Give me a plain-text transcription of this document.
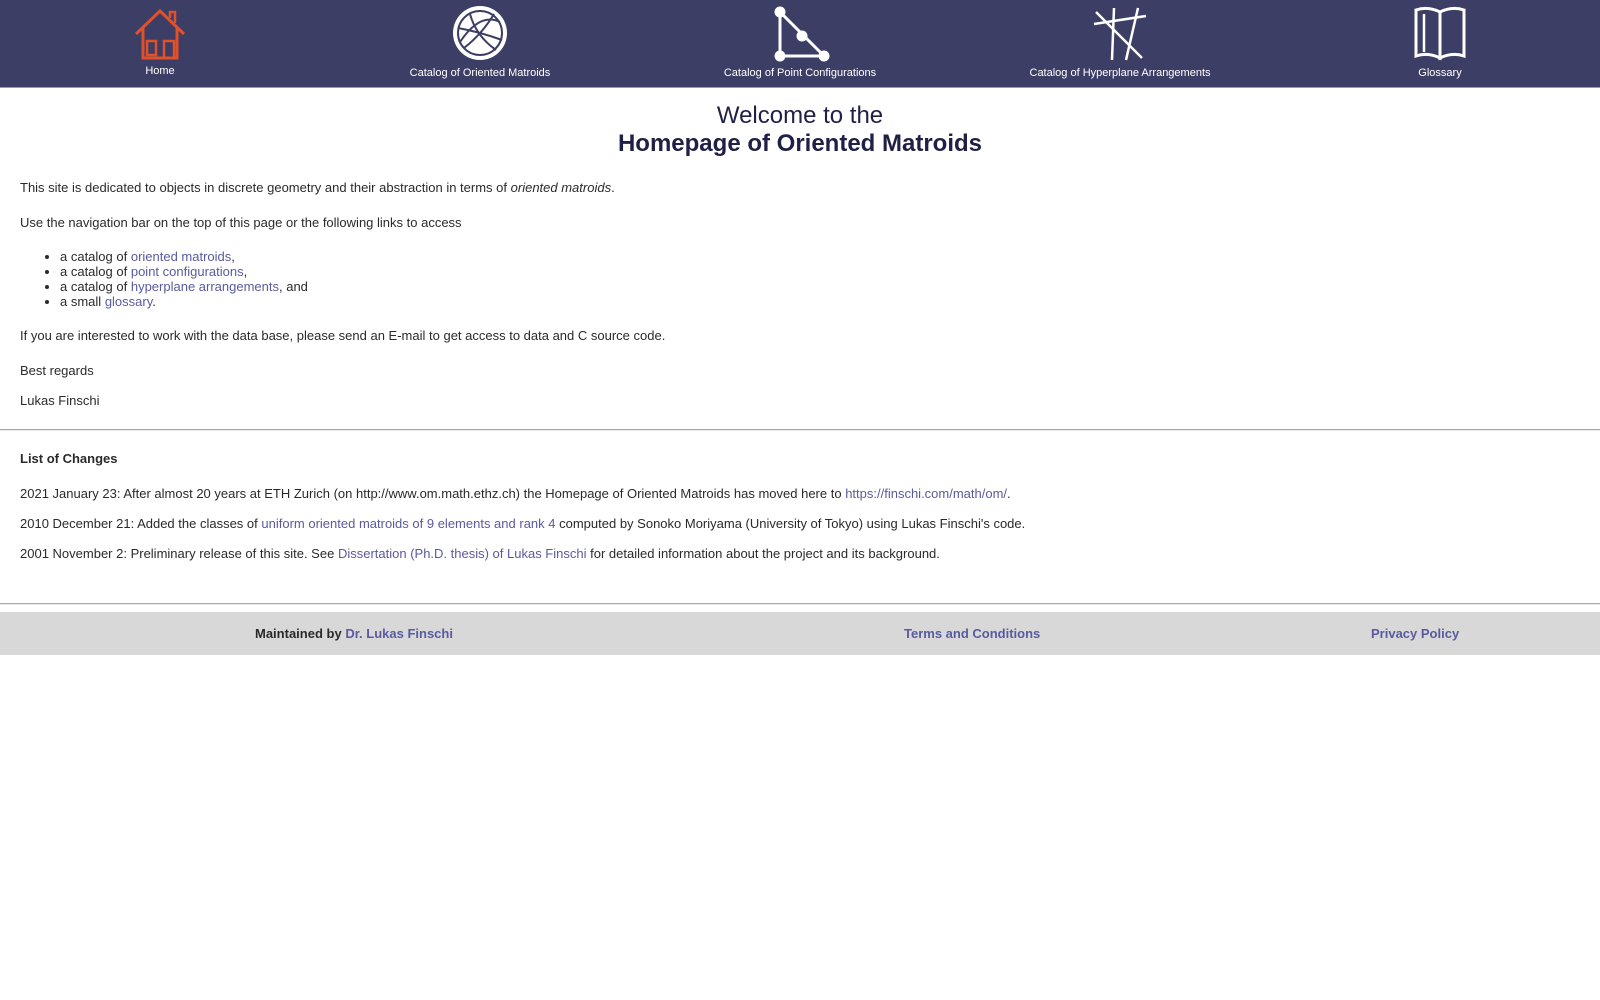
Home	Catalog of Oriented Matroids	Catalog of Point Configurations	Catalog of Hyperplane Arrangements	Glossary
Welcome to the
Homepage of Oriented Matroids
This site is dedicated to objects in discrete geometry and their abstraction in terms of oriented matroids.
Use the navigation bar on the top of this page or the following links to access
• a catalog of oriented matroids,
• a catalog of point configurations,
• a catalog of hyperplane arrangements, and
• a small glossary.
If you are interested to work with the data base, please send an E-mail to get access to data and C source code.
Best regards
Lukas Finschi
List of Changes
2021 January 23: After almost 20 years at ETH Zurich (on http://www.om.math.ethz.ch) the Homepage of Oriented Matroids has moved here to https://finschi.com/math/om/.
2010 December 21: Added the classes of uniform oriented matroids of 9 elements and rank 4 computed by Sonoko Moriyama (University of Tokyo) using Lukas Finschi's code.
2001 November 2: Preliminary release of this site. See Dissertation (Ph.D. thesis) of Lukas Finschi for detailed information about the project and its background.
Maintained by Dr. Lukas Finschi	Terms and Conditions	Privacy Policy
